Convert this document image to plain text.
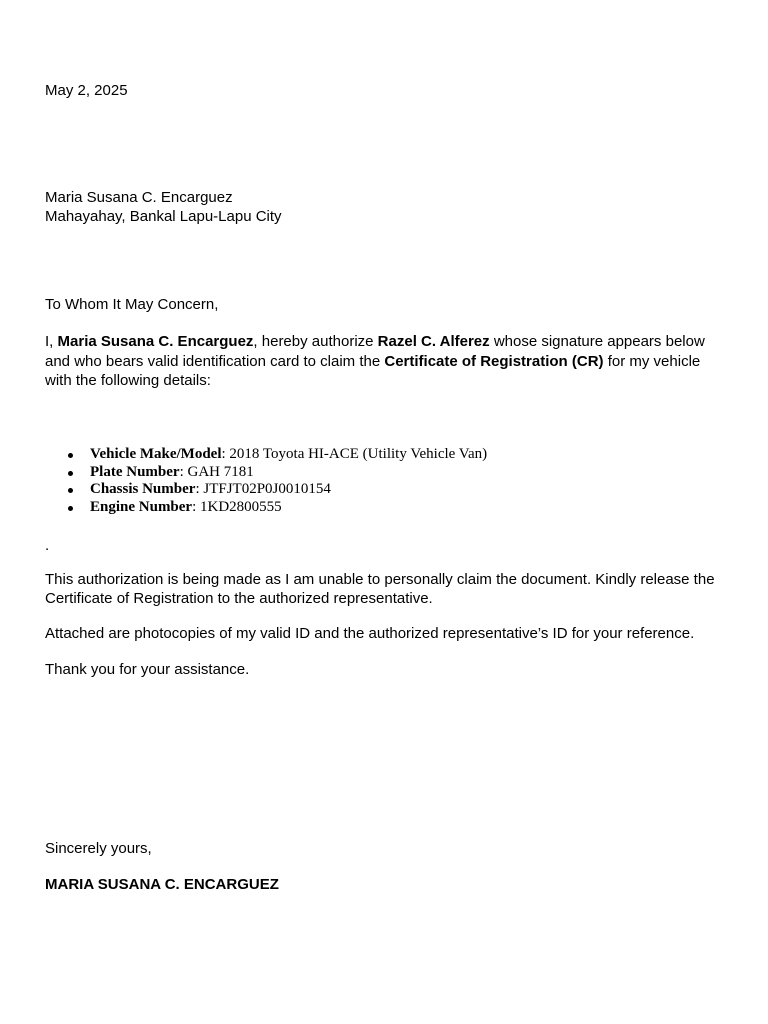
May 2, 2025

Maria Susana C. Encarguez
Mahayahay, Bankal Lapu-Lapu City

To Whom It May Concern,

I, Maria Susana C. Encarguez, hereby authorize Razel C. Alferez whose signature appears below and who bears valid identification card to claim the Certificate of Registration (CR) for my vehicle with the following details:

Vehicle Make/Model: 2018 Toyota HI-ACE (Utility Vehicle Van)
Plate Number: GAH 7181
Chassis Number: JTFJT02P0J0010154
Engine Number: 1KD2800555

.

This authorization is being made as I am unable to personally claim the document. Kindly release the Certificate of Registration to the authorized representative.

Attached are photocopies of my valid ID and the authorized representative’s ID for your reference.

Thank you for your assistance.

Sincerely yours,

MARIA SUSANA C. ENCARGUEZ
